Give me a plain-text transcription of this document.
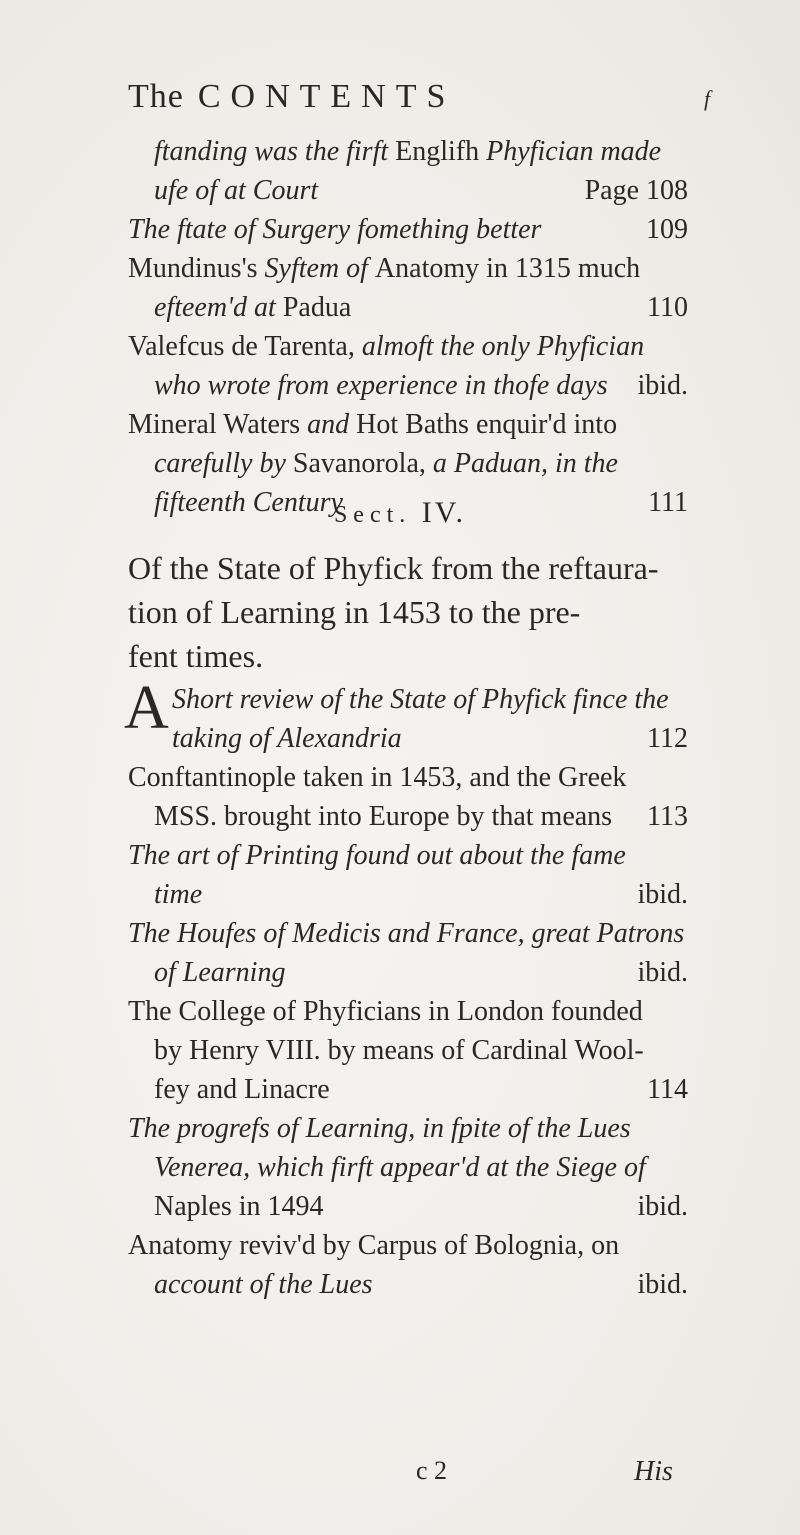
The CONTENTS	f
ftanding was the firft Englifh Phyfician made
ufe of at Court	Page 108
The ftate of Surgery fomething better	109
Mundinus's Syftem of Anatomy in 1315 much
efteem'd at Padua	110
Valefcus de Tarenta, almoft the only Phyfician
who wrote from experience in thofe days ibid.
Mineral Waters and Hot Baths enquir'd into
carefully by Savanorola, a Paduan, in the
fifteenth Century	111
Sect. IV.
Of the State of Phyfick from the reftaura-
tion of Learning in 1453 to the pre-
fent times.
A Short review of the State of Phyfick fince the
taking of Alexandria	112
Conftantinople taken in 1453, and the Greek
MSS. brought into Europe by that means 113
The art of Printing found out about the fame
time	ibid.
The Houfes of Medicis and France, great Patrons
of Learning	ibid.
The College of Phyficians in London founded
by Henry VIII. by means of Cardinal Wool-
fey and Linacre	114
The progrefs of Learning, in fpite of the Lues
Venerea, which firft appear'd at the Siege of
Naples in 1494	ibid.
Anatomy reviv'd by Carpus of Bolognia, on
account of the Lues	ibid.
c 2	His
